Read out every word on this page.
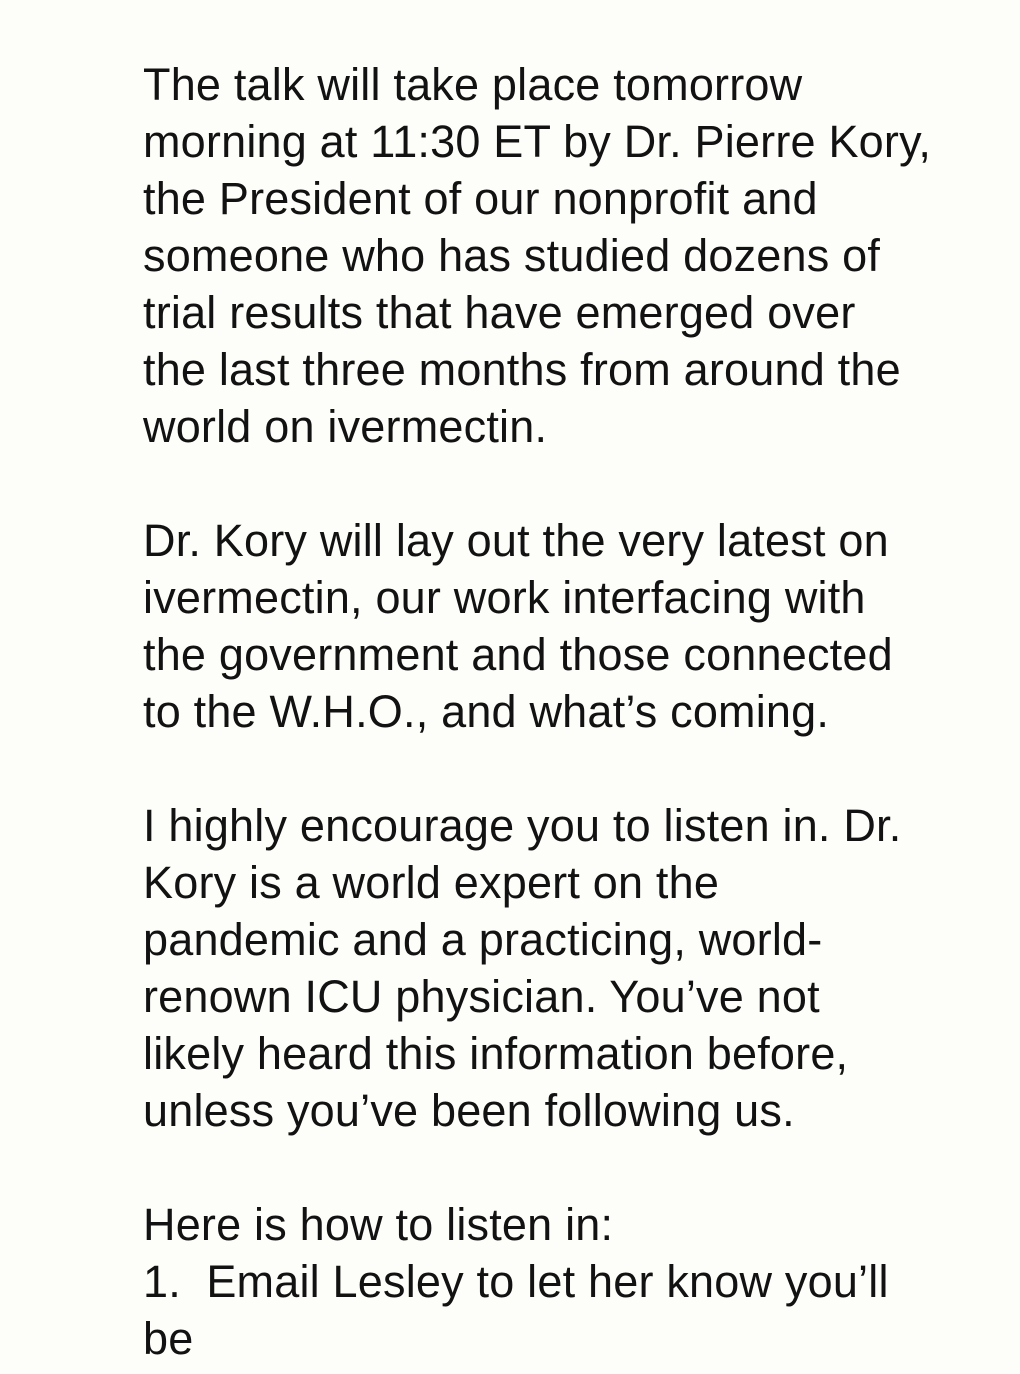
The talk will take place tomorrow
morning at 11:30 ET by Dr. Pierre Kory,
the President of our nonprofit and
someone who has studied dozens of
trial results that have emerged over
the last three months from around the
world on ivermectin.
Dr. Kory will lay out the very latest on
ivermectin, our work interfacing with
the government and those connected
to the W.H.O., and what’s coming.
I highly encourage you to listen in. Dr.
Kory is a world expert on the
pandemic and a practicing, world-
renown ICU physician. You’ve not
likely heard this information before,
unless you’ve been following us.
Here is how to listen in:
1.  Email Lesley to let her know you’ll
be
